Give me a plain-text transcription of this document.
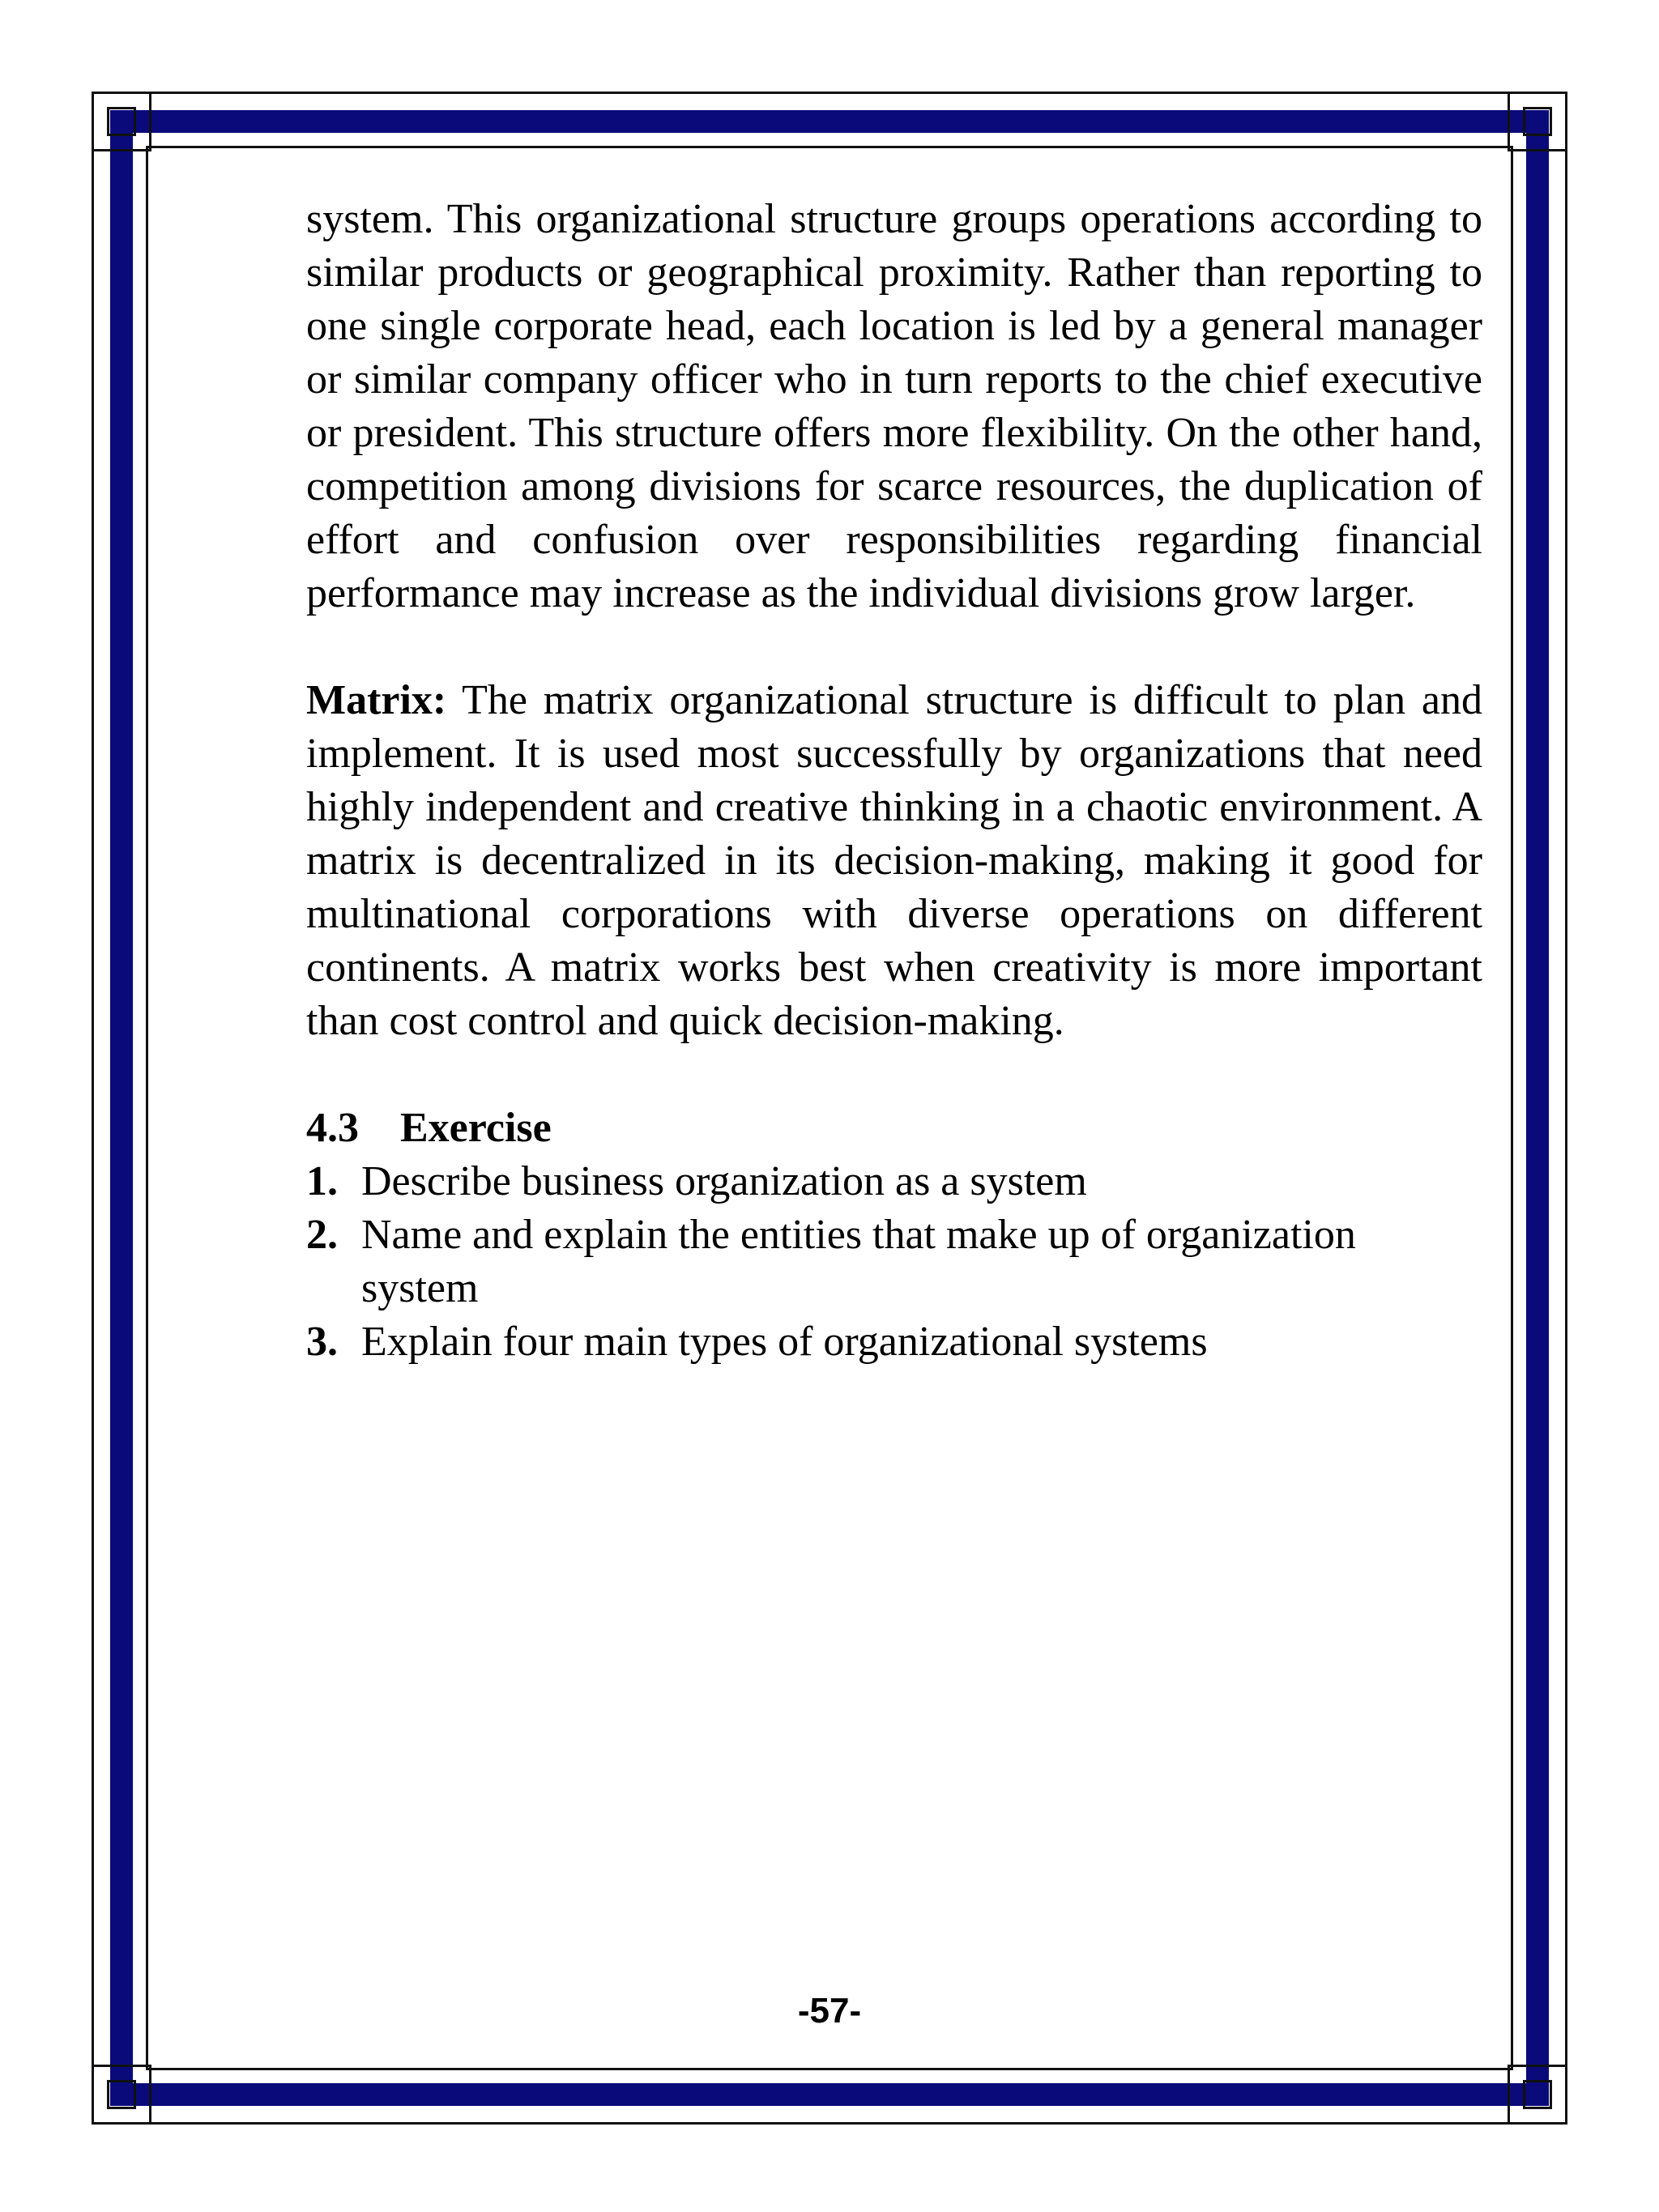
system. This organizational structure groups operations according to similar products or geographical proximity. Rather than reporting to one single corporate head, each location is led by a general manager or similar company officer who in turn reports to the chief executive or president. This structure offers more flexibility. On the other hand, competition among divisions for scarce resources, the duplication of effort and confusion over responsibilities regarding financial performance may increase as the individual divisions grow larger.

Matrix: The matrix organizational structure is difficult to plan and implement. It is used most successfully by organizations that need highly independent and creative thinking in a chaotic environment. A matrix is decentralized in its decision-making, making it good for multinational corporations with diverse operations on different continents. A matrix works best when creativity is more important than cost control and quick decision-making.

4.3 Exercise
1. Describe business organization as a system
2. Name and explain the entities that make up of organization system
3. Explain four main types of organizational systems
-57-
